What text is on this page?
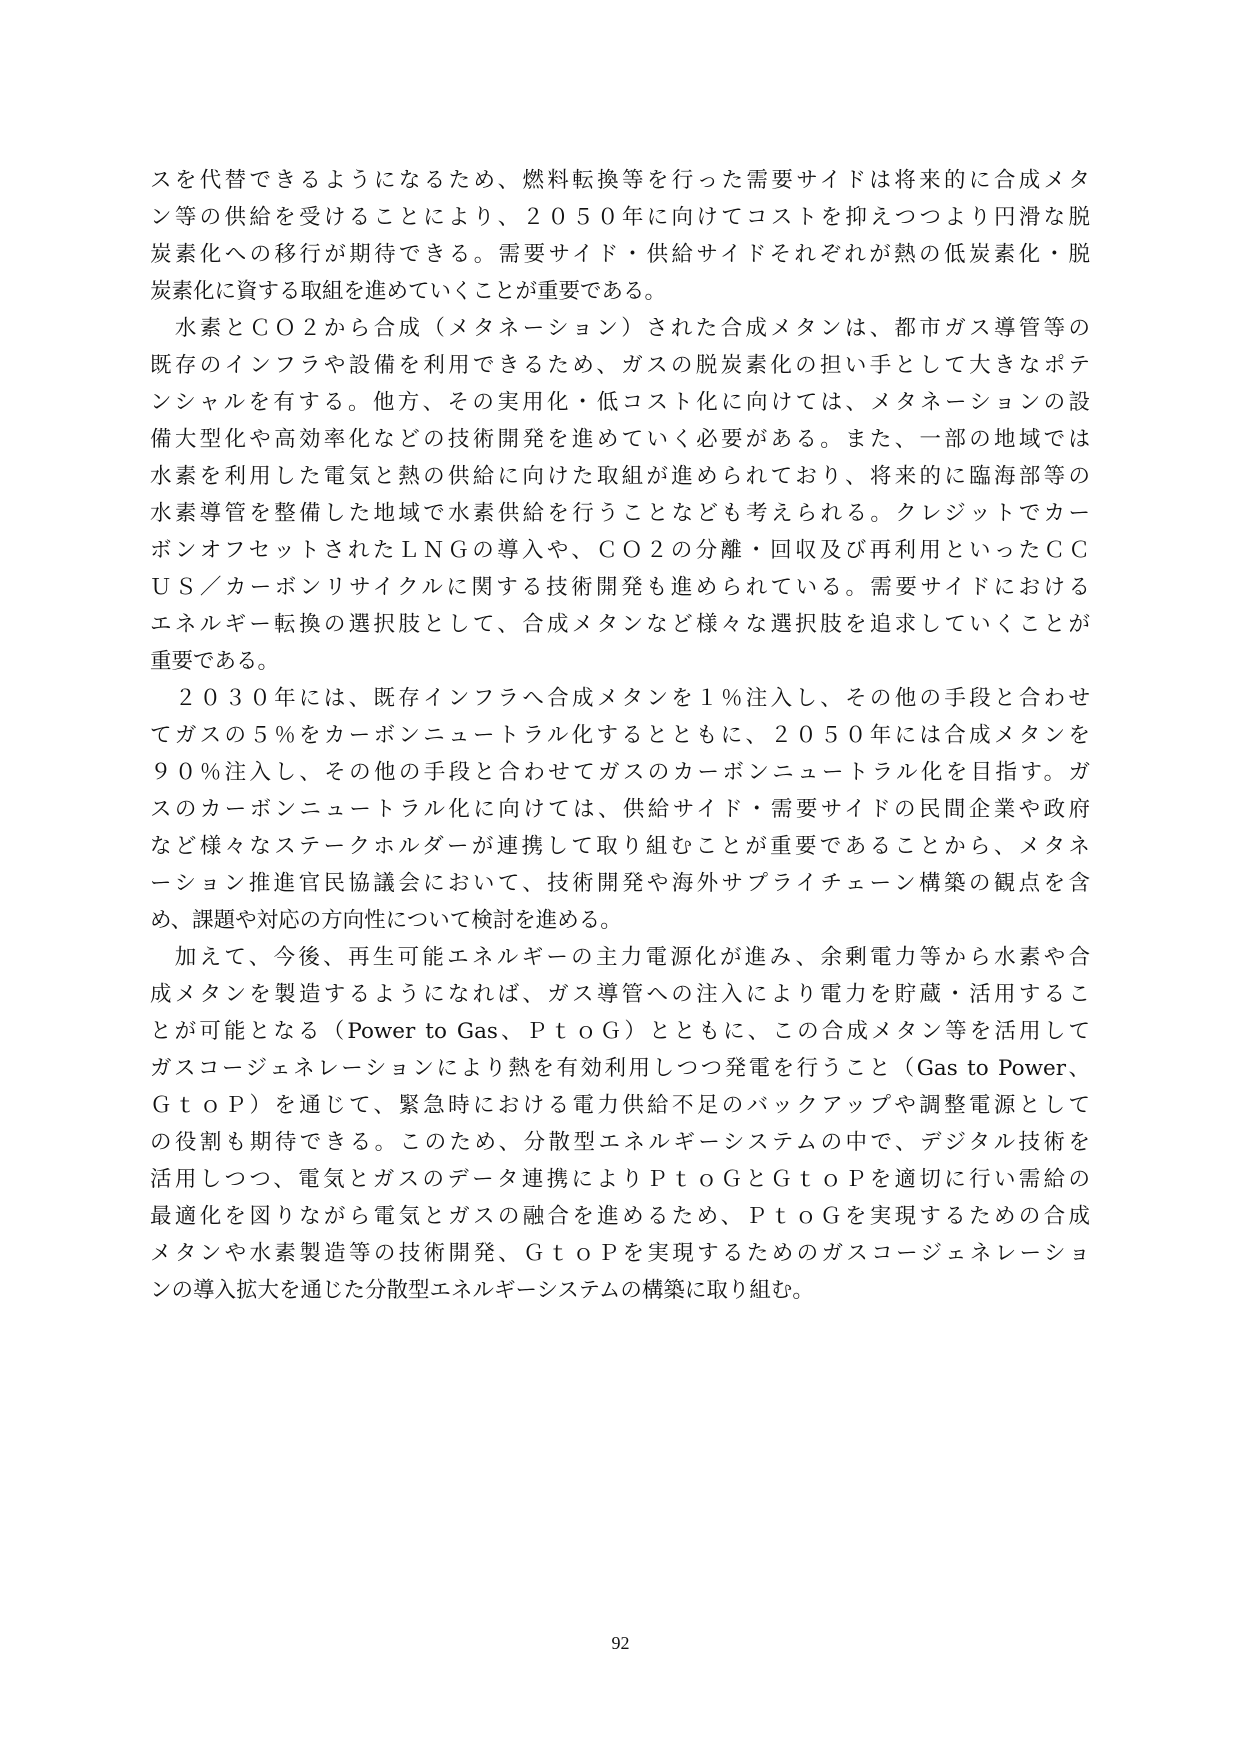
スを代替できるようになるため、燃料転換等を行った需要サイドは将来的に合成メタ
ン等の供給を受けることにより、２０５０年に向けてコストを抑えつつより円滑な脱
炭素化への移行が期待できる。需要サイド・供給サイドそれぞれが熱の低炭素化・脱
炭素化に資する取組を進めていくことが重要である。
　水素とＣＯ２から合成（メタネーション）された合成メタンは、都市ガス導管等の
既存のインフラや設備を利用できるため、ガスの脱炭素化の担い手として大きなポテ
ンシャルを有する。他方、その実用化・低コスト化に向けては、メタネーションの設
備大型化や高効率化などの技術開発を進めていく必要がある。また、一部の地域では
水素を利用した電気と熱の供給に向けた取組が進められており、将来的に臨海部等の
水素導管を整備した地域で水素供給を行うことなども考えられる。クレジットでカー
ボンオフセットされたＬＮＧの導入や、ＣＯ２の分離・回収及び再利用といったＣＣ
ＵＳ／カーボンリサイクルに関する技術開発も進められている。需要サイドにおける
エネルギー転換の選択肢として、合成メタンなど様々な選択肢を追求していくことが
重要である。
　２０３０年には、既存インフラへ合成メタンを１％注入し、その他の手段と合わせ
てガスの５％をカーボンニュートラル化するとともに、２０５０年には合成メタンを
９０％注入し、その他の手段と合わせてガスのカーボンニュートラル化を目指す。ガ
スのカーボンニュートラル化に向けては、供給サイド・需要サイドの民間企業や政府
など様々なステークホルダーが連携して取り組むことが重要であることから、メタネ
ーション推進官民協議会において、技術開発や海外サプライチェーン構築の観点を含
め、課題や対応の方向性について検討を進める。
　加えて、今後、再生可能エネルギーの主力電源化が進み、余剰電力等から水素や合
成メタンを製造するようになれば、ガス導管への注入により電力を貯蔵・活用するこ
とが可能となる（Power to Gas、ＰｔｏＧ）とともに、この合成メタン等を活用して
ガスコージェネレーションにより熱を有効利用しつつ発電を行うこと（Gas to Power、
ＧｔｏＰ）を通じて、緊急時における電力供給不足のバックアップや調整電源として
の役割も期待できる。このため、分散型エネルギーシステムの中で、デジタル技術を
活用しつつ、電気とガスのデータ連携によりＰｔｏＧとＧｔｏＰを適切に行い需給の
最適化を図りながら電気とガスの融合を進めるため、ＰｔｏＧを実現するための合成
メタンや水素製造等の技術開発、ＧｔｏＰを実現するためのガスコージェネレーショ
ンの導入拡大を通じた分散型エネルギーシステムの構築に取り組む。
92
